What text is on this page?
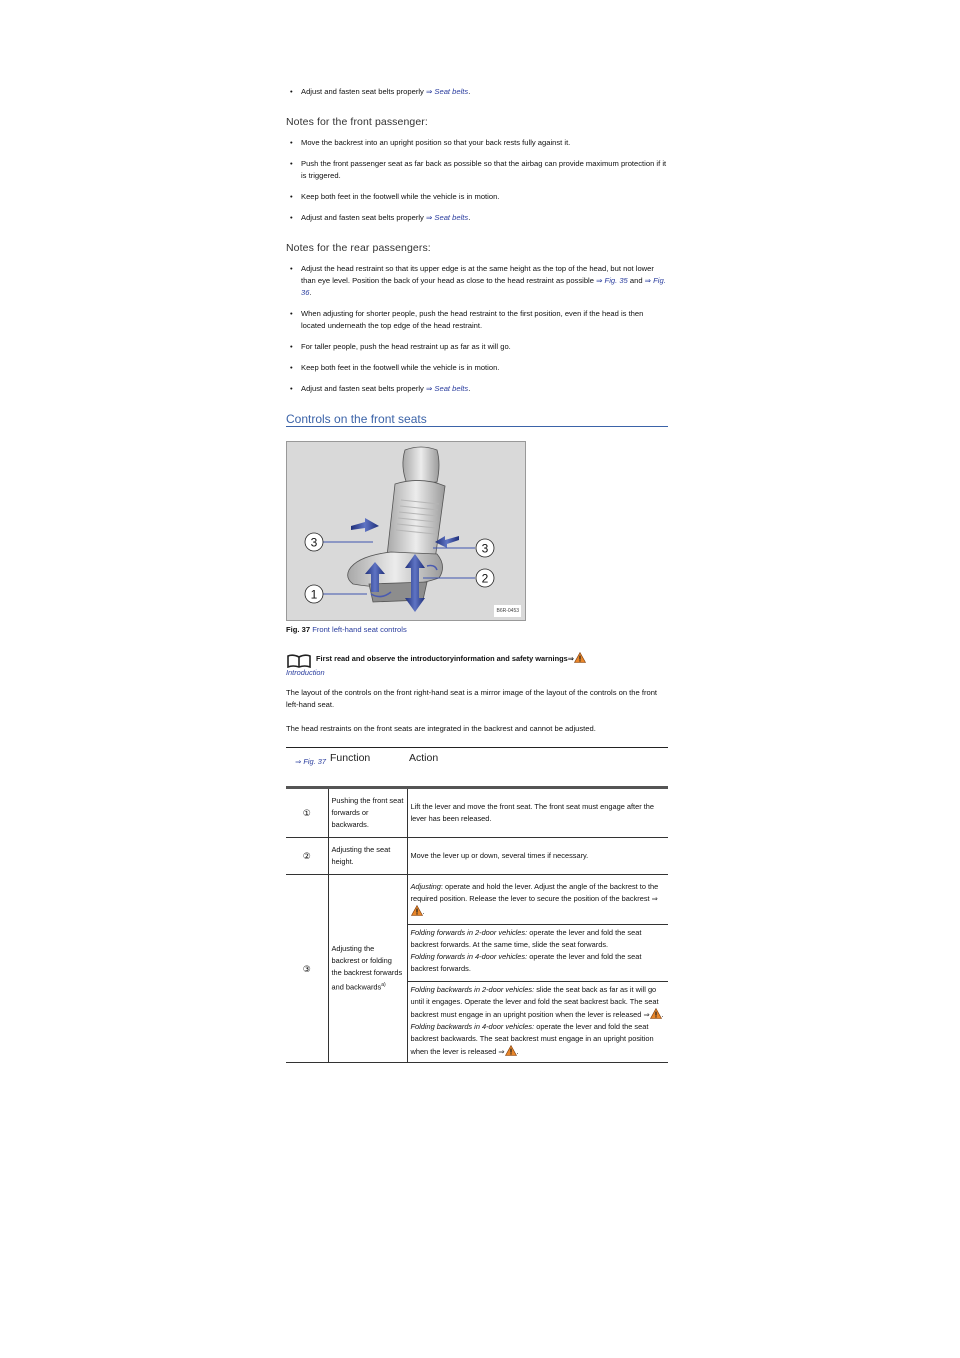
• Adjust and fasten seat belts properly ⇒ Seat belts.
Notes for the front passenger:
• Move the backrest into an upright position so that your back rests fully against it.
• Push the front passenger seat as far back as possible so that the airbag can provide maximum protection if it is triggered.
• Keep both feet in the footwell while the vehicle is in motion.
• Adjust and fasten seat belts properly ⇒ Seat belts.
Notes for the rear passengers:
• Adjust the head restraint so that its upper edge is at the same height as the top of the head, but not lower than eye level. Position the back of your head as close to the head restraint as possible ⇒ Fig. 35 and ⇒ Fig. 36.
• When adjusting for shorter people, push the head restraint to the first position, even if the head is then located underneath the top edge of the head restraint.
• For taller people, push the head restraint up as far as it will go.
• Keep both feet in the footwell while the vehicle is in motion.
• Adjust and fasten seat belts properly ⇒ Seat belts.
Controls on the front seats
3	3
1
2
B6R-0453
Fig. 37 Front left-hand seat controls
First read and observe the introductoryinformation and safety warnings⇒
Introduction

The layout of the controls on the front right-hand seat is a mirror image of the layout of the controls on the front left-hand seat.

The head restraints on the front seats are integrated in the backrest and cannot be adjusted.

⇒ Fig. 37	Function	Action
①	Pushing the front seat forwards or backwards.	Lift the lever and move the front seat. The front seat must engage after the lever has been released.
②	Adjusting the seat height.	Move the lever up or down, several times if necessary.
③	Adjusting the backrest or folding the backrest forwards and backwards$^{a)}$	Adjusting: operate and hold the lever. Adjust the angle of the backrest to the required position. Release the lever to secure the position of the backrest ⇒.
Folding forwards in 2-door vehicles: operate the lever and fold the seat backrest forwards. At the same time, slide the seat forwards.
Folding forwards in 4-door vehicles: operate the lever and fold the seat backrest forwards.
Folding backwards in 2-door vehicles: slide the seat back as far as it will go until it engages. Operate the lever and fold the seat backrest back. The seat backrest must engage in an upright position when the lever is released ⇒ .
Folding backwards in 4-door vehicles: operate the lever and fold the seat backrest backwards. The seat backrest must engage in an upright position when the lever is released ⇒ .
